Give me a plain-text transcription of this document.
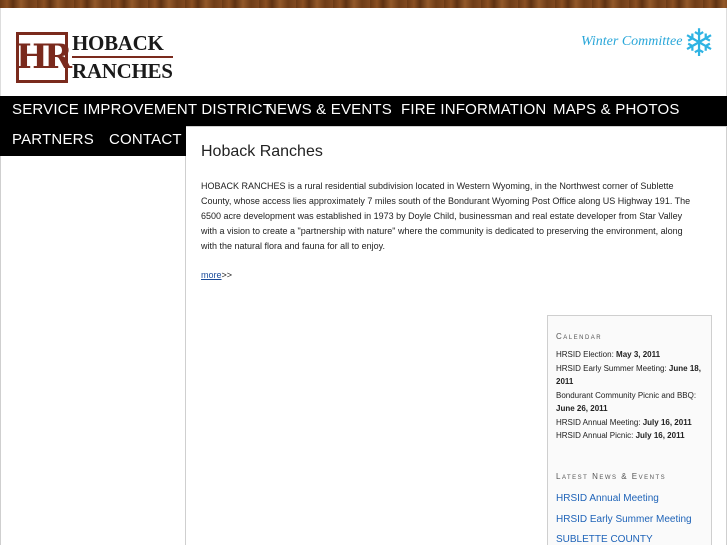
HR HOBACK
RANCHES
Winter Committee ❄
SERVICE IMPROVEMENT DISTRICT
NEWS & EVENTS FIRE INFORMATION MAPS & PHOTOS
PARTNERS CONTACT
Hoback Ranches
HOBACK RANCHES is a rural residential subdivision located in Western Wyoming, in the Northwest corner of Sublette County, whose access lies approximately 7 miles south of the Bondurant Wyoming Post Office along US Highway 191. The 6500 acre development was established in 1973 by Doyle Child, businessman and real estate developer from Star Valley with a vision to create a "partnership with nature" where the community is dedicated to preserving the environment, along with the natural flora and fauna for all to enjoy.
more>>
Calendar
HRSID Election: May 3, 2011
HRSID Early Summer Meeting: June 18, 2011
Bondurant Community Picnic and BBQ: June 26, 2011
HRSID Annual Meeting: July 16, 2011
HRSID Annual Picnic: July 16, 2011
Latest News & Events
HRSID Annual Meeting
HRSID Early Summer Meeting
SUBLETTE COUNTY
